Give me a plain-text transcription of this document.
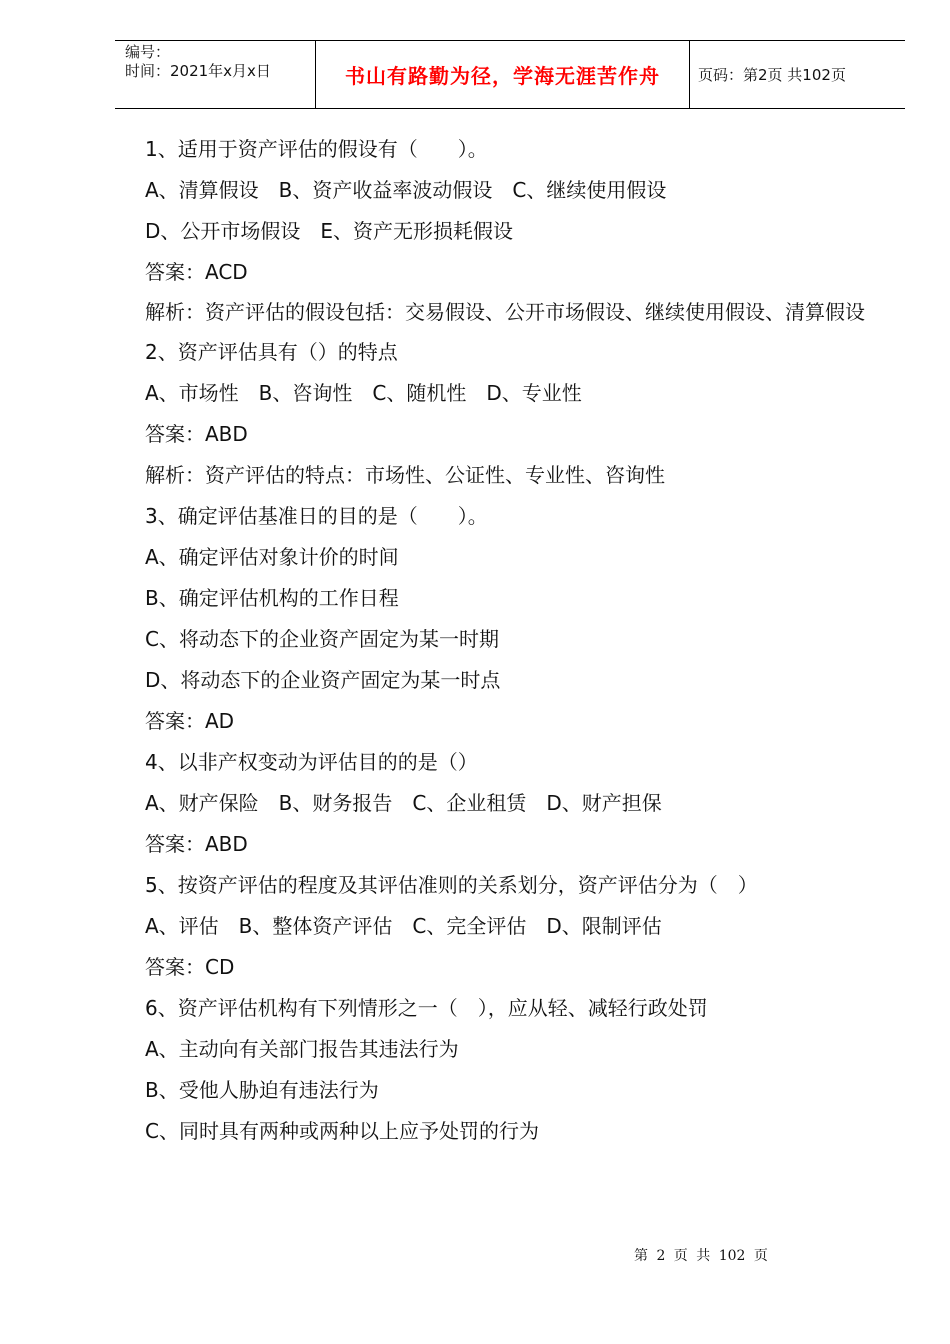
编号：
时间：2021年x月x日	书山有路勤为径，学海无涯苦作舟	页码：第2页 共102页
1、适用于资产评估的假设有（　　）。
A、清算假设　B、资产收益率波动假设　C、继续使用假设
D、公开市场假设　E、资产无形损耗假设
答案：ACD
解析：资产评估的假设包括：交易假设、公开市场假设、继续使用假设、清算假设
2、资产评估具有（）的特点
A、市场性　B、咨询性　C、随机性　D、专业性
答案：ABD
解析：资产评估的特点：市场性、公证性、专业性、咨询性
3、确定评估基准日的目的是（　　）。
A、确定评估对象计价的时间
B、确定评估机构的工作日程
C、将动态下的企业资产固定为某一时期
D、将动态下的企业资产固定为某一时点
答案：AD
4、以非产权变动为评估目的的是（）
A、财产保险　B、财务报告　C、企业租赁　D、财产担保
答案：ABD
5、按资产评估的程度及其评估准则的关系划分，资产评估分为（　）
A、评估　B、整体资产评估　C、完全评估　D、限制评估
答案：CD
6、资产评估机构有下列情形之一（　），应从轻、减轻行政处罚
A、主动向有关部门报告其违法行为
B、受他人胁迫有违法行为
C、同时具有两种或两种以上应予处罚的行为
第 2 页 共 102 页
